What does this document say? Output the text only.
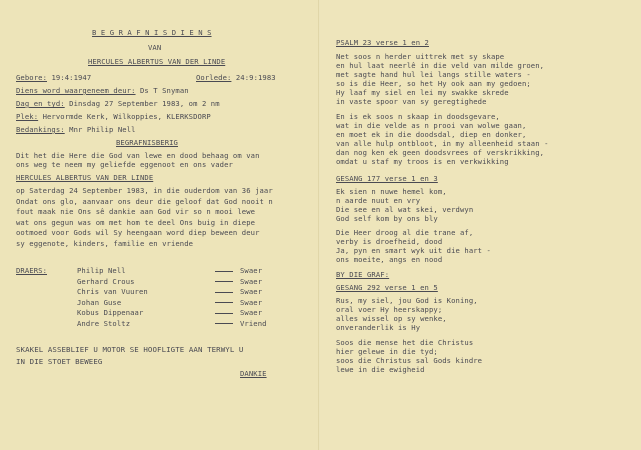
B E G R A F N I S D I E N S
VAN
HERCULES ALBERTUS VAN DER LINDE
Gebore: 19:4:1947	Oorlede: 24:9:1983
Diens word waargeneem deur: Ds T Snyman
Dag en tyd: Dinsdag 27 September 1983, om 2 nm
Plek: Hervormde Kerk, Wilkoppies, KLERKSDORP
Bedankings: Mnr Philip Nell
BEGRAFNISBERIG
Dit het die Here die God van lewe en dood behaag om van
ons weg te neem my geliefde eggenoot en ons vader
HERCULES ALBERTUS VAN DER LINDE
op Saterdag 24 September 1983, in die ouderdom van 36 jaar
Ondat ons glo, aanvaar ons deur die geloof dat God nooit n
fout maak nie Ons sê dankie aan God vir so n mooi lewe
wat ons gegun was om met hom te deel Ons buig in diepe
ootmoed voor Gods wil Sy heengaan word diep beween deur
sy eggenote, kinders, familie en vriende
DRAERS:	Philip Nell	Swaer
Gerhard Crous	Swaer
Chris van Vuuren	Swaer
Johan Guse	Swaer
Kobus Dippenaar	Swaer
Andre Stoltz	Vriend
SKAKEL ASSEBLIEF U MOTOR SE HOOFLIGTE AAN TERWYL U
IN DIE STOET BEWEEG
DANKIE
PSALM 23 verse 1 en 2
Net soos n herder uittrek met sy skape
en hul laat neerlê in die veld van milde groen,
met sagte hand hul lei langs stille waters -
so is die Heer, so het Hy ook aan my gedoen;
Hy laaf my siel en lei my swakke skrede
in vaste spoor van sy geregtighede
En is ek soos n skaap in doodsgevare,
wat in die velde as n prooi van wolwe gaan,
en moet ek in die doodsdal, diep en donker,
van alle hulp ontbloot, in my alleenheid staan -
dan nog ken ek geen doodsvrees of verskrikking,
omdat u staf my troos is en verkwikking
GESANG 177 verse 1 en 3
Ek sien n nuwe hemel kom,
n aarde nuut en vry
Die see en al wat skei, verdwyn
God self kom by ons bly
Die Heer droog al die trane af,
verby is droefheid, dood
Ja, pyn en smart wyk uit die hart -
ons moeite, angs en nood
BY DIE GRAF:
GESANG 292 verse 1 en 5
Rus, my siel, jou God is Koning,
oral voer Hy heerskappy;
alles wissel op sy wenke,
onveranderlik is Hy
Soos die mense het die Christus
hier gelewe in die tyd;
soos die Christus sal Gods kindre
lewe in die ewigheid
